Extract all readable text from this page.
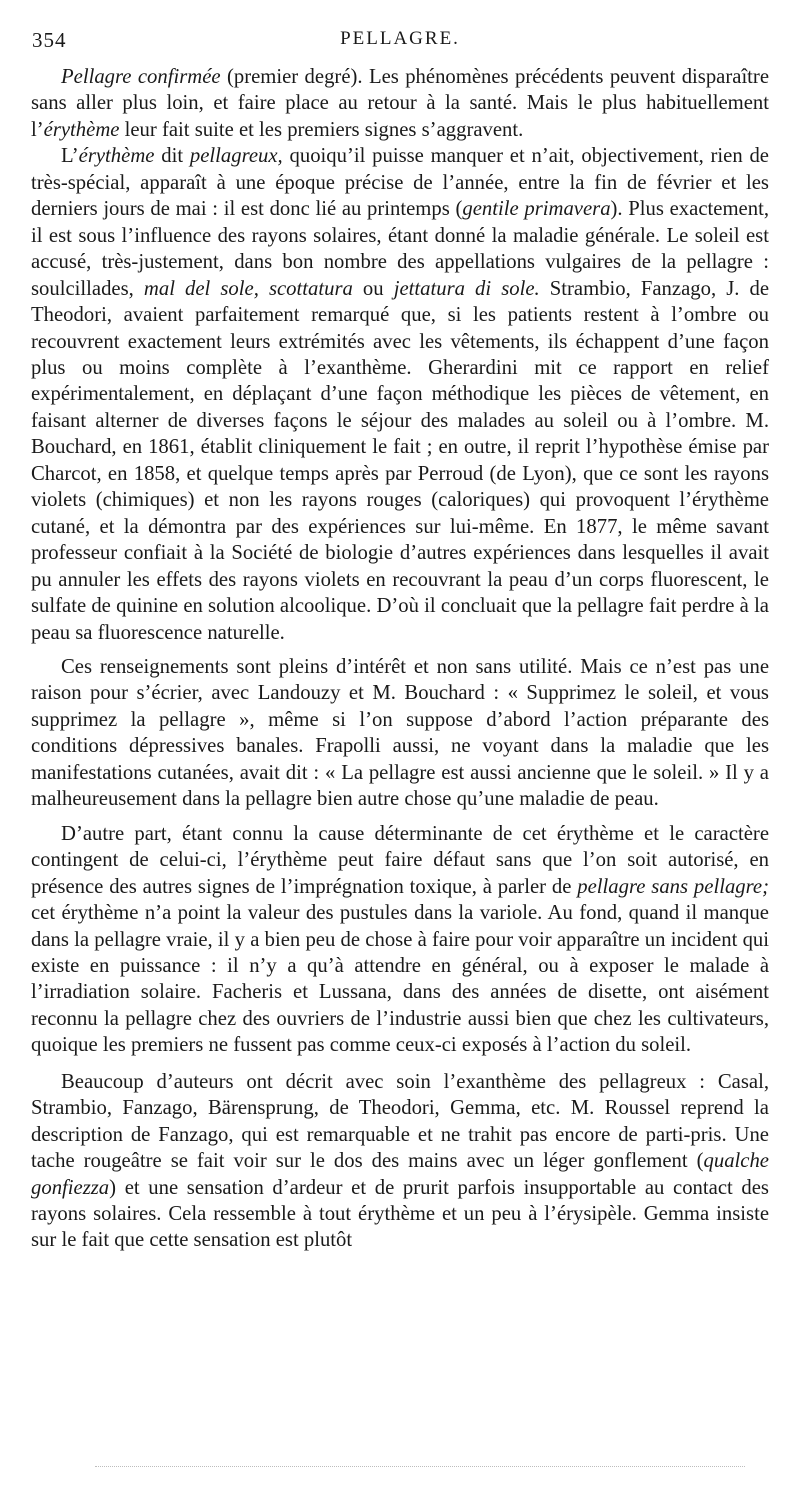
354	PELLAGRE.

Pellagre confirmée (premier degré). Les phénomènes précédents peuvent disparaître sans aller plus loin, et faire place au retour à la santé. Mais le plus habituellement l’érythème leur fait suite et les premiers signes s’aggravent.

L’érythème dit pellagreux, quoiqu’il puisse manquer et n’ait, objectivement, rien de très-spécial, apparaît à une époque précise de l’année, entre la fin de février et les derniers jours de mai : il est donc lié au printemps (gentile primavera). Plus exactement, il est sous l’influence des rayons solaires, étant donné la maladie générale. Le soleil est accusé, très-justement, dans bon nombre des appellations vulgaires de la pellagre : soulcillades, mal del sole, scottatura ou jettatura di sole. Strambio, Fanzago, J. de Theodori, avaient parfaitement remarqué que, si les patients restent à l’ombre ou recouvrent exactement leurs extrémités avec les vêtements, ils échappent d’une façon plus ou moins complète à l’exanthème. Gherardini mit ce rapport en relief expérimentalement, en déplaçant d’une façon méthodique les pièces de vêtement, en faisant alterner de diverses façons le séjour des malades au soleil ou à l’ombre. M. Bouchard, en 1861, établit cliniquement le fait ; en outre, il reprit l’hypothèse émise par Charcot, en 1858, et quelque temps après par Perroud (de Lyon), que ce sont les rayons violets (chimiques) et non les rayons rouges (caloriques) qui provoquent l’érythème cutané, et la démontra par des expériences sur lui-même. En 1877, le même savant professeur confiait à la Société de biologie d’autres expériences dans lesquelles il avait pu annuler les effets des rayons violets en recouvrant la peau d’un corps fluorescent, le sulfate de quinine en solution alcoolique. D’où il concluait que la pellagre fait perdre à la peau sa fluorescence naturelle.

Ces renseignements sont pleins d’intérêt et non sans utilité. Mais ce n’est pas une raison pour s’écrier, avec Landouzy et M. Bouchard : « Supprimez le soleil, et vous supprimez la pellagre », même si l’on suppose d’abord l’action préparante des conditions dépressives banales. Frapolli aussi, ne voyant dans la maladie que les manifestations cutanées, avait dit : « La pellagre est aussi ancienne que le soleil. » Il y a malheureusement dans la pellagre bien autre chose qu’une maladie de peau.

D’autre part, étant connu la cause déterminante de cet érythème et le caractère contingent de celui-ci, l’érythème peut faire défaut sans que l’on soit autorisé, en présence des autres signes de l’imprégnation toxique, à parler de pellagre sans pellagre; cet érythème n’a point la valeur des pustules dans la variole. Au fond, quand il manque dans la pellagre vraie, il y a bien peu de chose à faire pour voir apparaître un incident qui existe en puissance : il n’y a qu’à attendre en général, ou à exposer le malade à l’irradiation solaire. Facheris et Lussana, dans des années de disette, ont aisément reconnu la pellagre chez des ouvriers de l’industrie aussi bien que chez les cultivateurs, quoique les premiers ne fussent pas comme ceux-ci exposés à l’action du soleil.

Beaucoup d’auteurs ont décrit avec soin l’exanthème des pellagreux : Casal, Strambio, Fanzago, Bärensprung, de Theodori, Gemma, etc. M. Roussel reprend la description de Fanzago, qui est remarquable et ne trahit pas encore de parti-pris. Une tache rougeâtre se fait voir sur le dos des mains avec un léger gonflement (qualche gonfiezza) et une sensation d’ardeur et de prurit parfois insupportable au contact des rayons solaires. Cela ressemble à tout érythème et un peu à l’érysipèle. Gemma insiste sur le fait que cette sensation est plutôt
